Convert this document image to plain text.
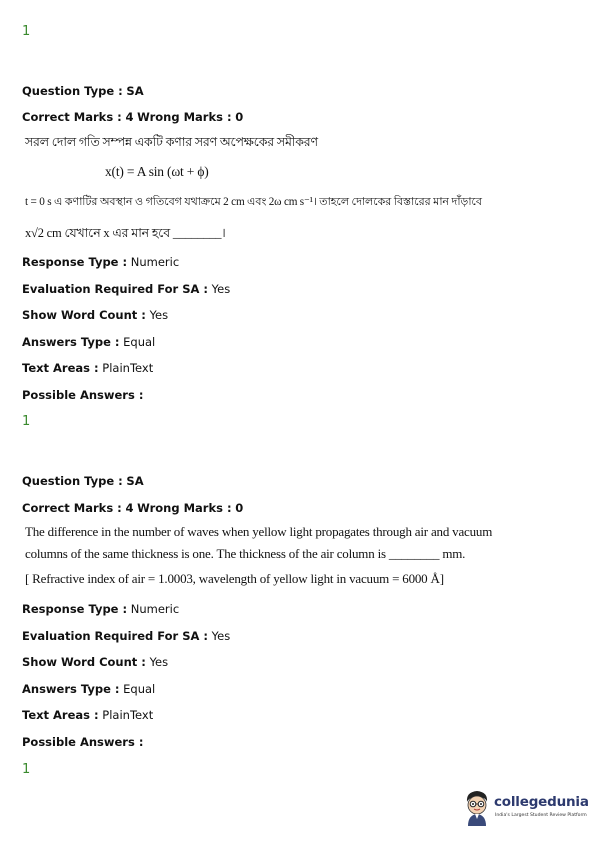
1
Question Type : SA
Correct Marks : 4 Wrong Marks : 0
সরল দোল গতি সম্পন্ন একটি কণার সরণ অপেক্ষকের সমীকরণ
x(t) = A sin (ωt + ϕ)
t = 0 s এ কণাটির অবস্থান ও গতিবেগ যথাক্রমে 2 cm এবং 2ω cm s⁻¹। তাহলে দোলকের বিস্তারের মান দাঁড়াবে
x√2 cm যেখানে x এর মান হবে ________।
Response Type : Numeric
Evaluation Required For SA : Yes
Show Word Count : Yes
Answers Type : Equal
Text Areas : PlainText
Possible Answers :
1
Question Type : SA
Correct Marks : 4 Wrong Marks : 0
The difference in the number of waves when yellow light propagates through air and vacuum
columns of the same thickness is one. The thickness of the air column is ________ mm.
[ Refractive index of air = 1.0003, wavelength of yellow light in vacuum = 6000 Å]
Response Type : Numeric
Evaluation Required For SA : Yes
Show Word Count : Yes
Answers Type : Equal
Text Areas : PlainText
Possible Answers :
1
collegedunia
India's Largest Student Review Platform
